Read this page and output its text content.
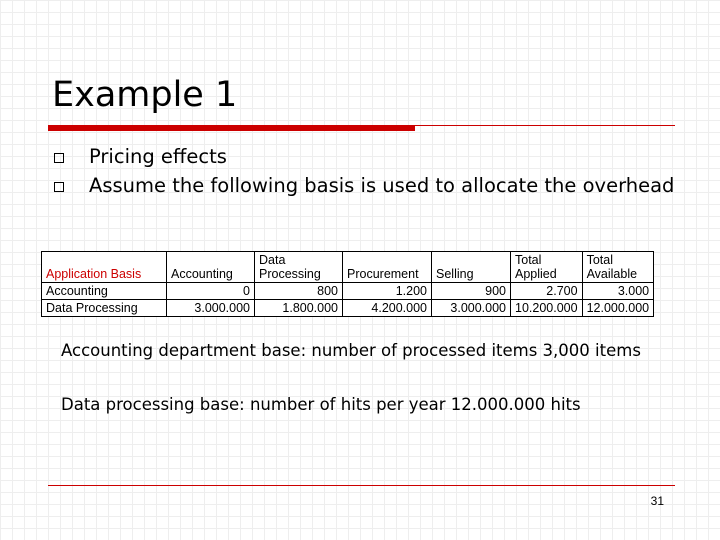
Example 1
Pricing effects
Assume the following basis is used to allocate the overhead
Application Basis	Accounting	Data Processing	Procurement	Selling	Total Applied	Total Available
Accounting	0	800	1.200	900	2.700	3.000
Data Processing	3.000.000	1.800.000	4.200.000	3.000.000	10.200.000	12.000.000
Accounting department base: number of processed items 3,000 items
Data processing base: number of hits per year 12.000.000 hits
31
